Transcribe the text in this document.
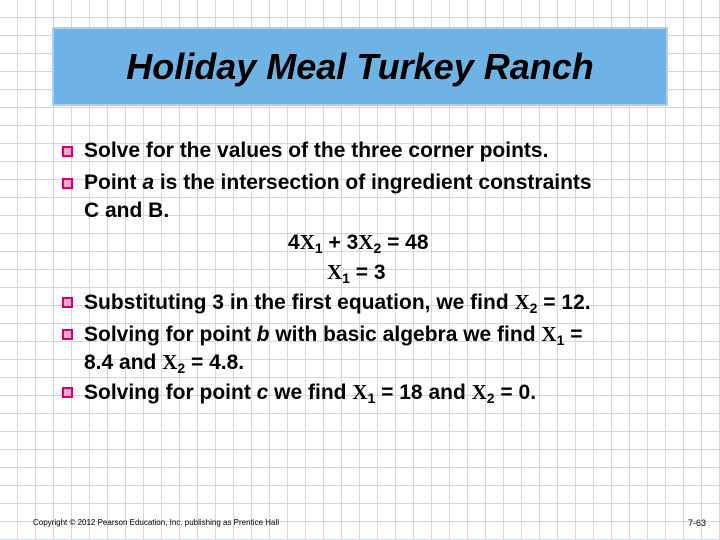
Holiday Meal Turkey Ranch
Solve for the values of the three corner points.
Point a is the intersection of ingredient constraints
C and B.
$4X_1 + 3X_2 = 48$
$X_1 = 3$
Substituting 3 in the first equation, we find $X_2 = 12$.
Solving for point b with basic algebra we find $X_1$ =
8.4 and $X_2 = 4.8$.
Solving for point c we find $X_1 = 18$ and $X_2 = 0$.
Copyright © 2012 Pearson Education, Inc. publishing as Prentice Hall	7-63
